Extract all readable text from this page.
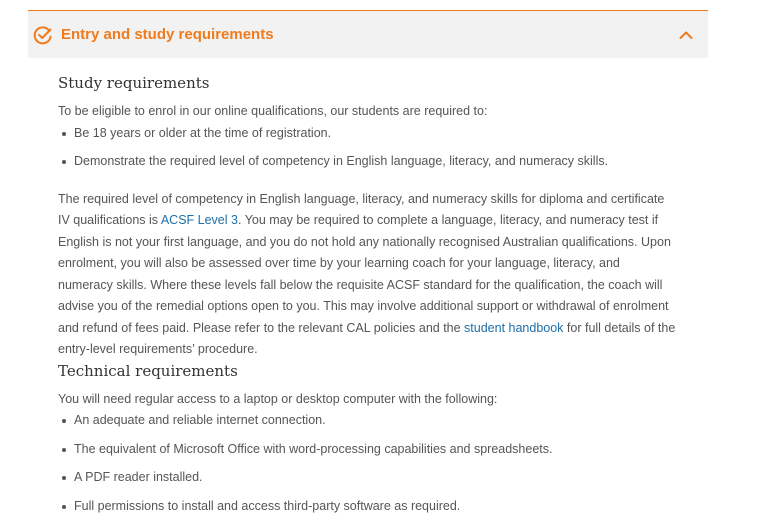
Entry and study requirements
Study requirements

To be eligible to enrol in our online qualifications, our students are required to:

Be 18 years or older at the time of registration.
Demonstrate the required level of competency in English language, literacy, and numeracy skills.

The required level of competency in English language, literacy, and numeracy skills for diploma and certificate IV qualifications is ACSF Level 3. You may be required to complete a language, literacy, and numeracy test if English is not your first language, and you do not hold any nationally recognised Australian qualifications. Upon enrolment, you will also be assessed over time by your learning coach for your language, literacy, and numeracy skills. Where these levels fall below the requisite ACSF standard for the qualification, the coach will advise you of the remedial options open to you. This may involve additional support or withdrawal of enrolment and refund of fees paid. Please refer to the relevant CAL policies and the student handbook for full details of the entry-level requirements’ procedure.

Technical requirements

You will need regular access to a laptop or desktop computer with the following:

An adequate and reliable internet connection.
The equivalent of Microsoft Office with word-processing capabilities and spreadsheets.
A PDF reader installed.
Full permissions to install and access third-party software as required.
